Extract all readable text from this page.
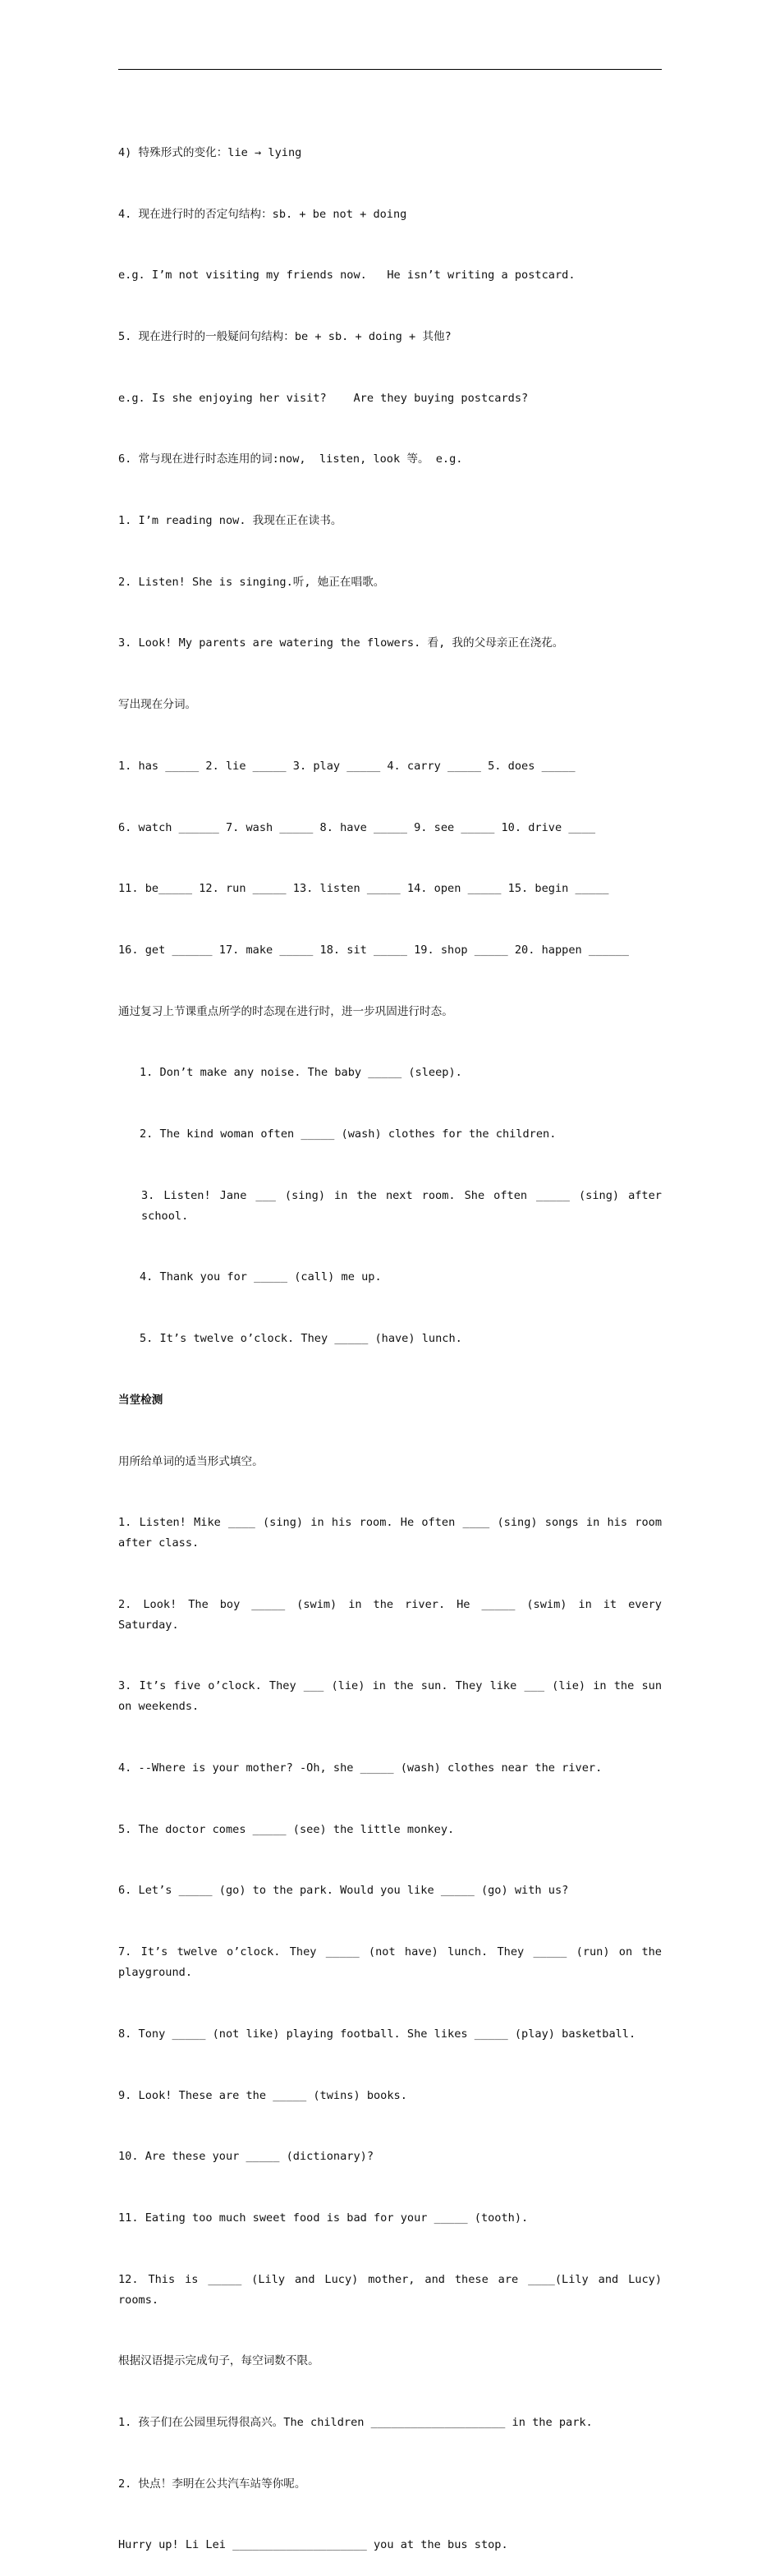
4) 特殊形式的变化：lie → lying

4. 现在进行时的否定句结构：sb. + be not + doing

e.g. I’m not visiting my friends now.   He isn’t writing a postcard.

5. 现在进行时的一般疑问句结构：be + sb. + doing + 其他?

e.g. Is she enjoying her visit?    Are they buying postcards?

6. 常与现在进行时态连用的词:now,  listen, look 等。 e.g.

1. I’m reading now. 我现在正在读书。

2. Listen! She is singing.听, 她正在唱歌。

3. Look! My parents are watering the flowers. 看, 我的父母亲正在浇花。

写出现在分词。

1. has _____ 2. lie _____ 3. play _____ 4. carry _____ 5. does _____

6. watch ______ 7. wash _____ 8. have _____ 9. see _____ 10. drive ____

11. be_____ 12. run _____ 13. listen _____ 14. open _____ 15. begin _____

16. get ______ 17. make _____ 18. sit _____ 19. shop _____ 20. happen ______

通过复习上节课重点所学的时态现在进行时，进一步巩固进行时态。

1. Don’t make any noise. The baby _____ (sleep).

2. The kind woman often _____ (wash) clothes for the children.

3. Listen! Jane ___ (sing) in the next room. She often _____ (sing) after school.

4. Thank you for _____ (call) me up.

5. It’s twelve o’clock. They _____ (have) lunch.

当堂检测

用所给单词的适当形式填空。

1. Listen! Mike ____ (sing) in his room. He often ____ (sing) songs in his room after class.

2. Look! The boy _____ (swim) in the river. He _____ (swim) in it every Saturday.

3. It’s five o’clock. They ___ (lie) in the sun. They like ___ (lie) in the sun on weekends.

4. --Where is your mother? -Oh, she _____ (wash) clothes near the river.

5. The doctor comes _____ (see) the little monkey.

6. Let’s _____ (go) to the park. Would you like _____ (go) with us?

7. It’s twelve o’clock. They _____ (not have) lunch. They _____ (run) on the playground.

8. Tony _____ (not like) playing football. She likes _____ (play) basketball.

9. Look! These are the _____ (twins) books.

10. Are these your _____ (dictionary)?

11. Eating too much sweet food is bad for your _____ (tooth).

12. This is _____ (Lily and Lucy) mother, and these are ____(Lily and Lucy) rooms.

根据汉语提示完成句子，每空词数不限。

1. 孩子们在公园里玩得很高兴。The children ____________________ in the park.

2. 快点！李明在公共汽车站等你呢。

Hurry up! Li Lei ____________________ you at the bus stop.
